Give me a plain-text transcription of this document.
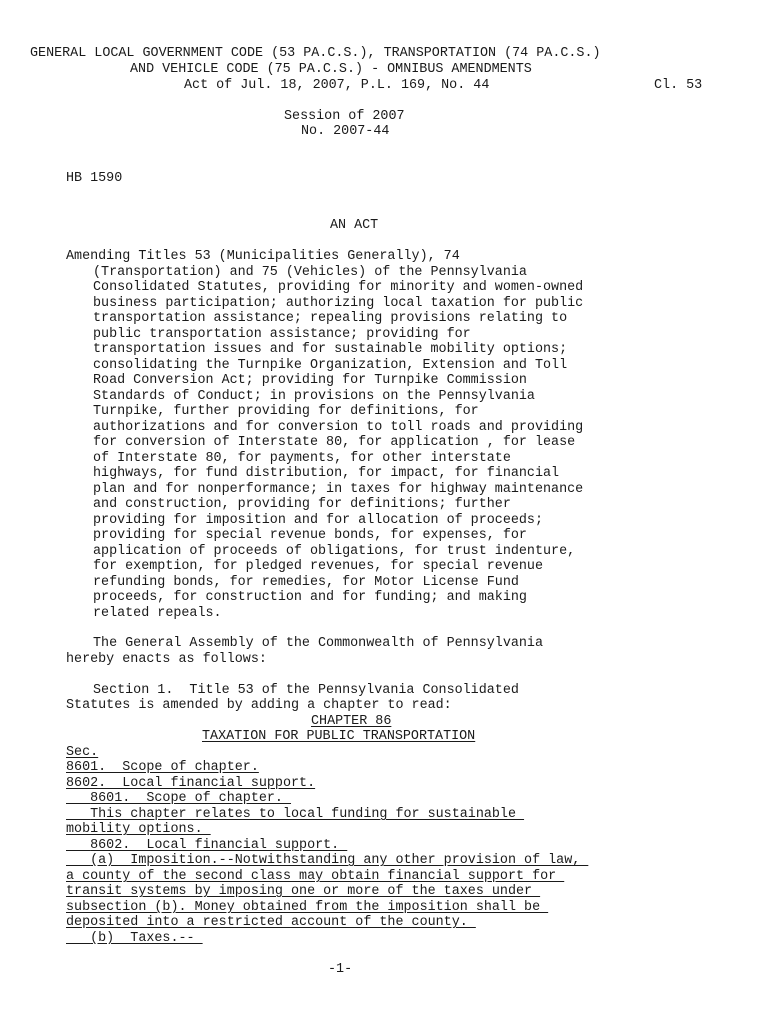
GENERAL LOCAL GOVERNMENT CODE (53 PA.C.S.), TRANSPORTATION (74 PA.C.S.)
AND VEHICLE CODE (75 PA.C.S.) - OMNIBUS AMENDMENTS
Act of Jul. 18, 2007, P.L. 169, No. 44	Cl. 53
Session of 2007
No. 2007-44
HB 1590
AN ACT
Amending Titles 53 (Municipalities Generally), 74
(Transportation) and 75 (Vehicles) of the Pennsylvania
Consolidated Statutes, providing for minority and women-owned
business participation; authorizing local taxation for public
transportation assistance; repealing provisions relating to
public transportation assistance; providing for
transportation issues and for sustainable mobility options;
consolidating the Turnpike Organization, Extension and Toll
Road Conversion Act; providing for Turnpike Commission
Standards of Conduct; in provisions on the Pennsylvania
Turnpike, further providing for definitions, for
authorizations and for conversion to toll roads and providing
for conversion of Interstate 80, for application , for lease
of Interstate 80, for payments, for other interstate
highways, for fund distribution, for impact, for financial
plan and for nonperformance; in taxes for highway maintenance
and construction, providing for definitions; further
providing for imposition and for allocation of proceeds;
providing for special revenue bonds, for expenses, for
application of proceeds of obligations, for trust indenture,
for exemption, for pledged revenues, for special revenue
refunding bonds, for remedies, for Motor License Fund
proceeds, for construction and for funding; and making
related repeals.
The General Assembly of the Commonwealth of Pennsylvania
hereby enacts as follows:
Section 1.  Title 53 of the Pennsylvania Consolidated
Statutes is amended by adding a chapter to read:
CHAPTER 86
TAXATION FOR PUBLIC TRANSPORTATION
Sec.
8601.  Scope of chapter.
8602.  Local financial support.
8601.  Scope of chapter.
This chapter relates to local funding for sustainable
mobility options.
8602.  Local financial support.
(a)  Imposition.--Notwithstanding any other provision of law,
a county of the second class may obtain financial support for
transit systems by imposing one or more of the taxes under
subsection (b). Money obtained from the imposition shall be
deposited into a restricted account of the county.
(b)  Taxes.--
-1-
